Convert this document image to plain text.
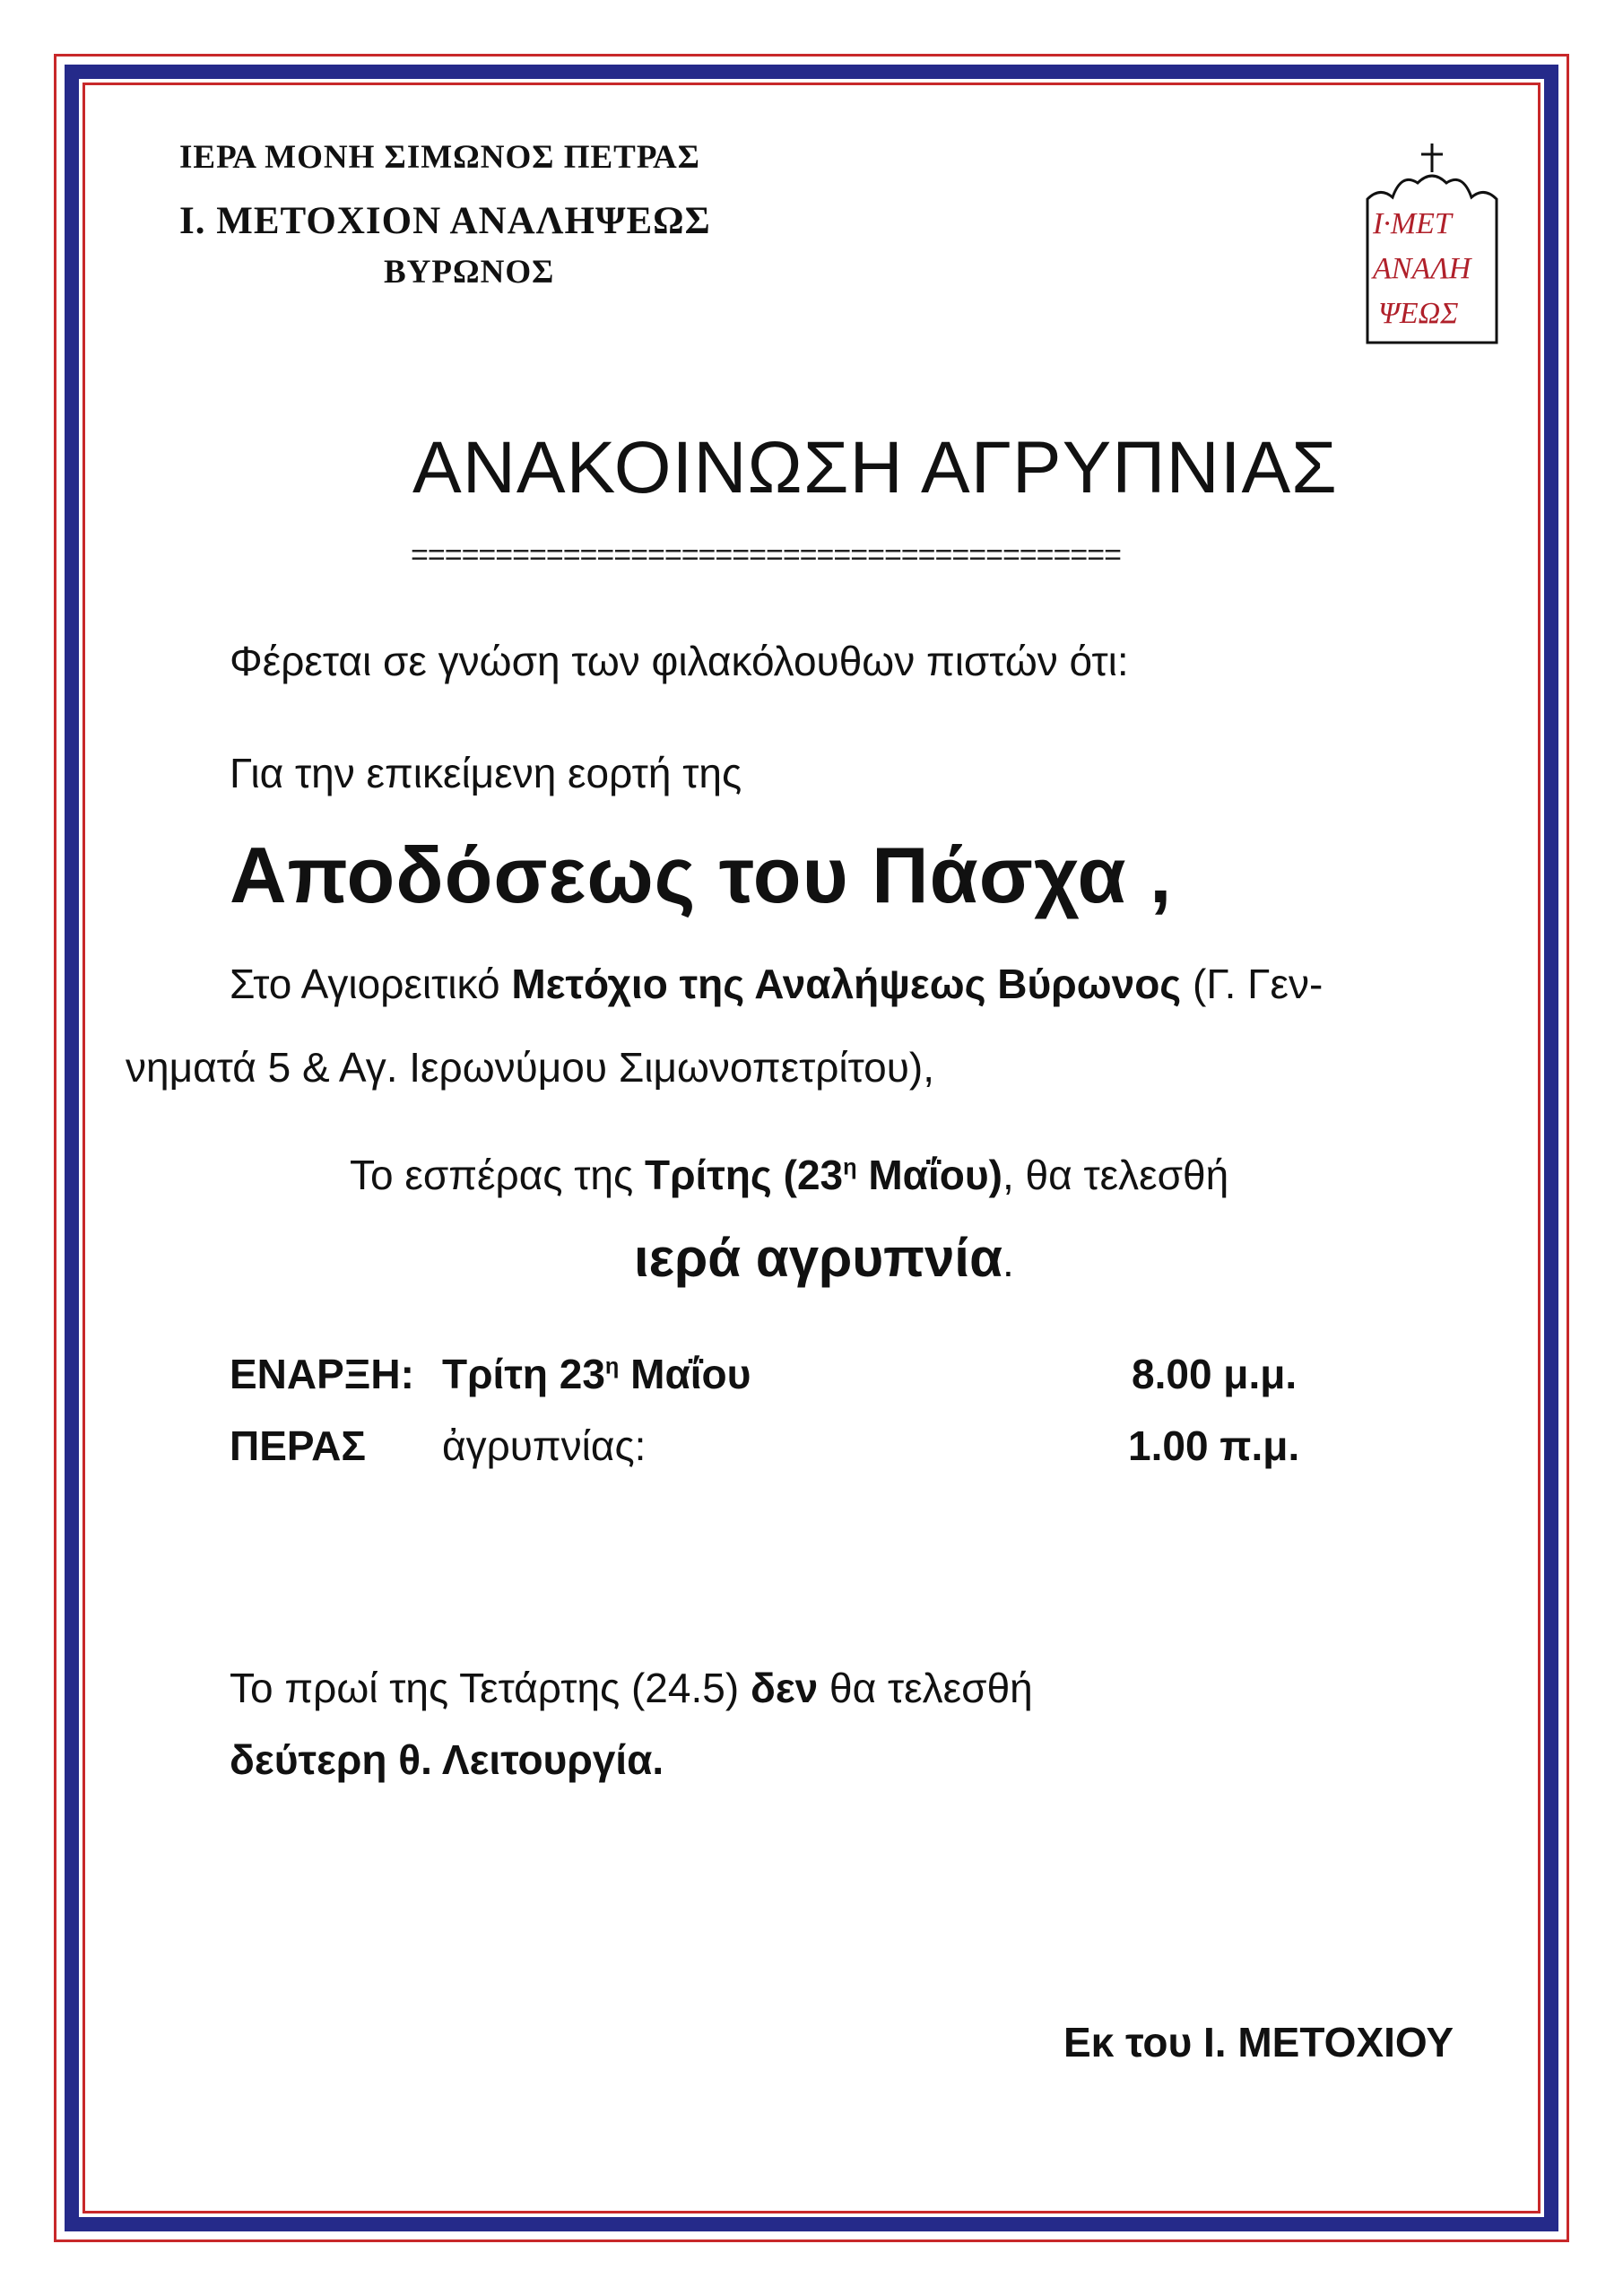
ΙΕΡΑ ΜΟΝΗ ΣΙΜΩΝΟΣ ΠΕΤΡΑΣ
Ι. ΜΕΤΟΧΙΟΝ ΑΝΑΛΗΨΕΩΣ
ΒΥΡΩΝΟΣ
Ι·ΜΕΤ
ΑΝΑΛΗ
ΨΕΩΣ
ΑΝΑΚΟΙΝΩΣΗ ΑΓΡΥΠΝΙΑΣ
==========================================
Φέρεται σε γνώση των φιλακόλουθων πιστών ότι:
Για την επικείμενη εορτή της
Αποδόσεως του Πάσχα ,
Στο Αγιορειτικό Μετόχιο της Αναλήψεως Βύρωνος (Γ. Γεν-
νηματά 5 & Αγ. Ιερωνύμου Σιμωνοπετρίτου),
Το εσπέρας της Τρίτης ($23^\eta$ Μαΐου), θα τελεσθή
ιερά αγρυπνία.
ΕΝΑΡΞΗ: Τρίτη $23^\eta$ Μαΐου	8.00 μ.μ.
ΠΕΡΑΣ ἀγρυπνίας:	1.00 π.μ.
Το πρωί της Τετάρτης (24.5) δεν θα τελεσθή
δεύτερη θ. Λειτουργία.
Εκ του Ι. ΜΕΤΟΧΙΟΥ
